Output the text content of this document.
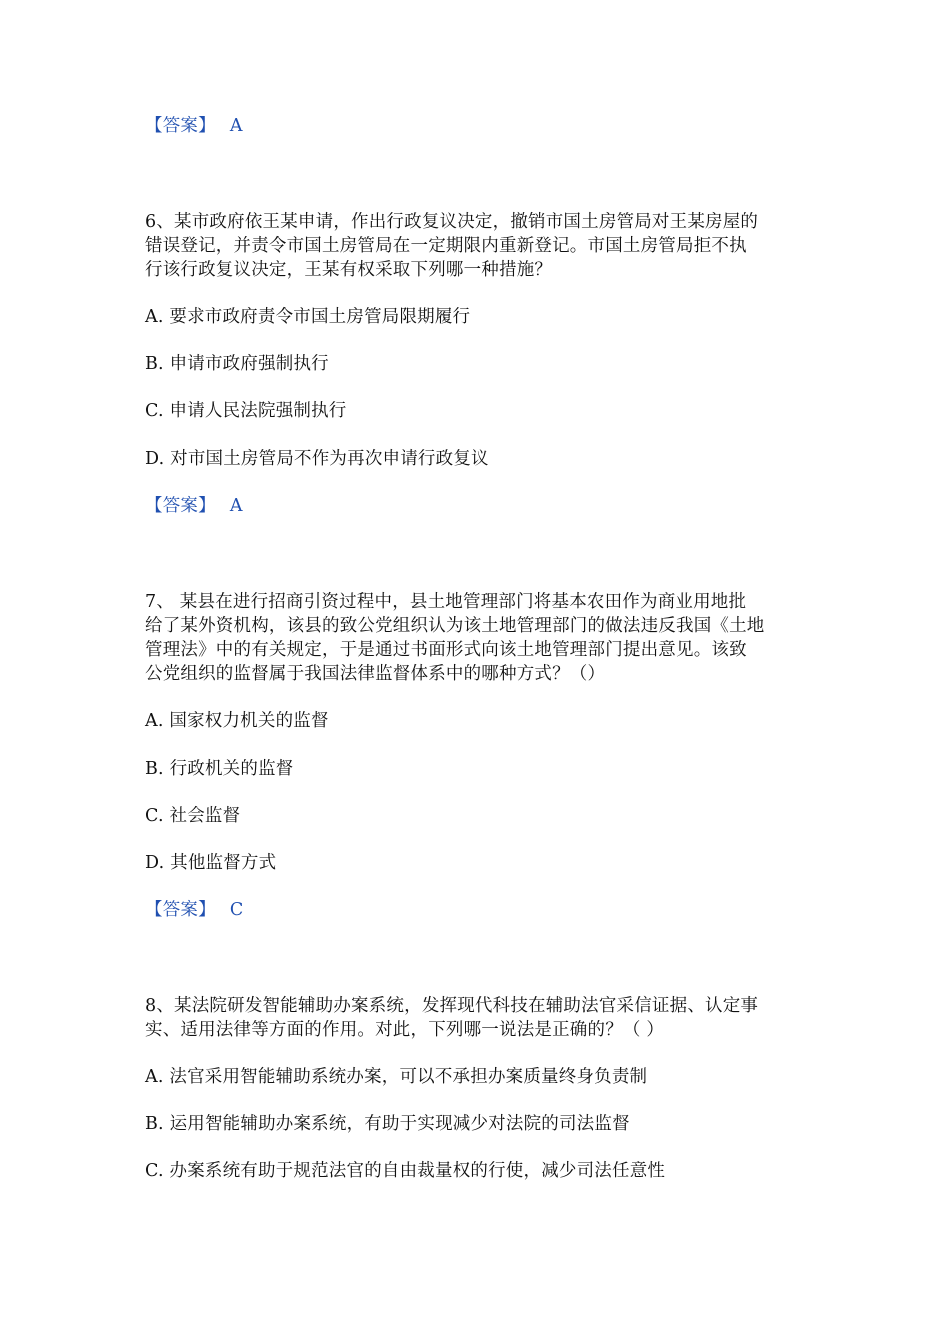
【答案】 A
6、某市政府依王某申请，作出行政复议决定，撤销市国土房管局对王某房屋的
错误登记，并责令市国土房管局在一定期限内重新登记。市国土房管局拒不执
行该行政复议决定，王某有权采取下列哪一种措施？
A. 要求市政府责令市国土房管局限期履行
B. 申请市政府强制执行
C. 申请人民法院强制执行
D. 对市国土房管局不作为再次申请行政复议
【答案】 A
7、 某县在进行招商引资过程中，县土地管理部门将基本农田作为商业用地批
给了某外资机构，该县的致公党组织认为该土地管理部门的做法违反我国《土地
管理法》中的有关规定，于是通过书面形式向该土地管理部门提出意见。该致
公党组织的监督属于我国法律监督体系中的哪种方式？（）
A. 国家权力机关的监督
B. 行政机关的监督
C. 社会监督
D. 其他监督方式
【答案】 C
8、某法院研发智能辅助办案系统，发挥现代科技在辅助法官采信证据、认定事
实、适用法律等方面的作用。对此，下列哪一说法是正确的？（ ）
A. 法官采用智能辅助系统办案，可以不承担办案质量终身负责制
B. 运用智能辅助办案系统，有助于实现减少对法院的司法监督
C. 办案系统有助于规范法官的自由裁量权的行使，减少司法任意性
